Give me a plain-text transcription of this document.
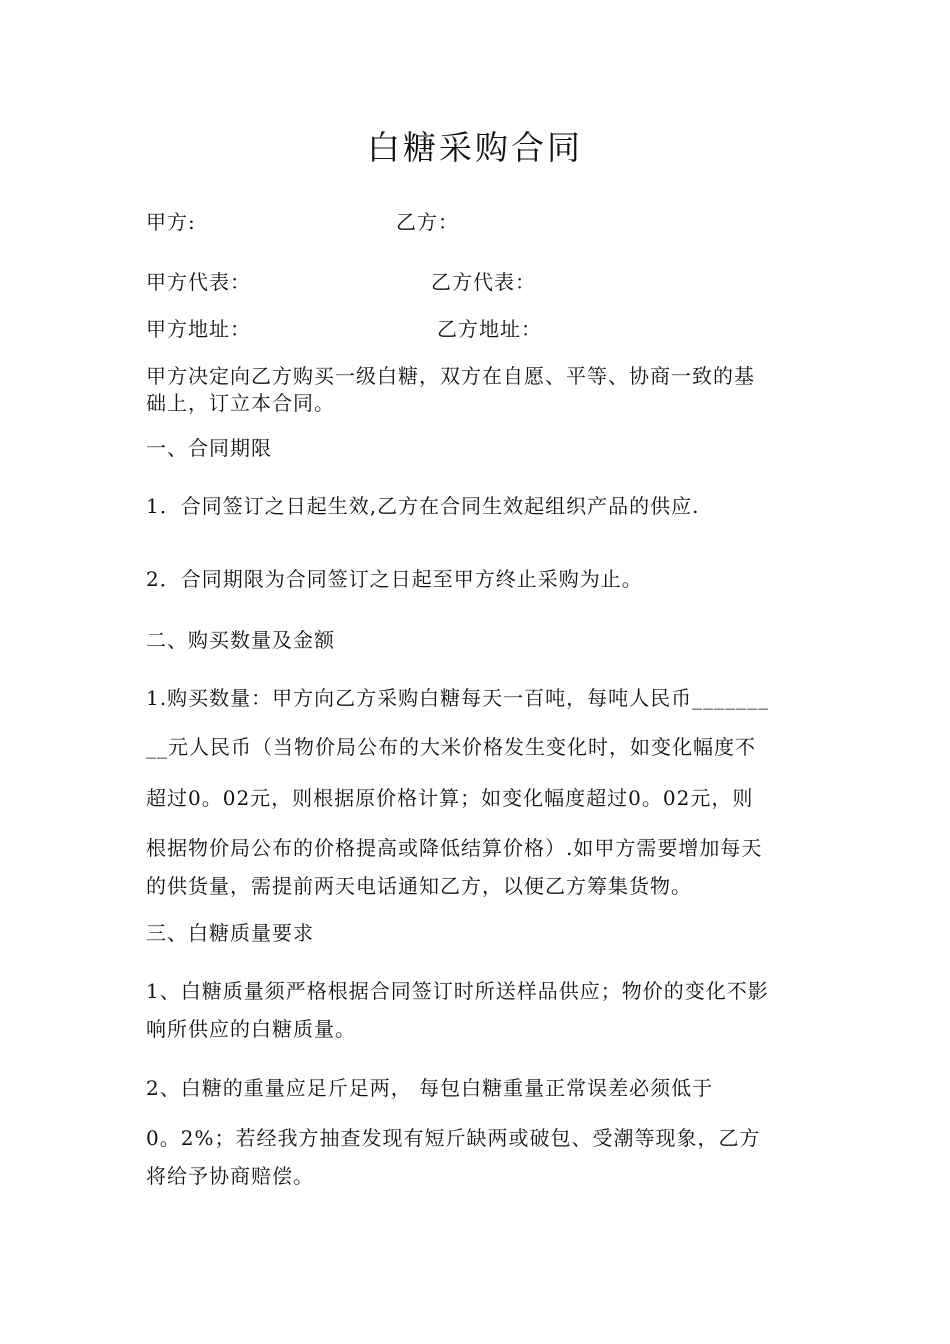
白糖采购合同
甲方:	乙方：
甲方代表：	乙方代表：
甲方地址：	乙方地址：
甲方决定向乙方购买一级白糖，双方在自愿、平等、协商一致的基
础上，订立本合同。
一、合同期限
1．合同签订之日起生效,乙方在合同生效起组织产品的供应.
2．合同期限为合同签订之日起至甲方终止采购为止。
二、购买数量及金额
1.购买数量：甲方向乙方采购白糖每天一百吨，每吨人民币_______
__元人民币（当物价局公布的大米价格发生变化时，如变化幅度不
超过0。02元，则根据原价格计算；如变化幅度超过0。02元，则
根据物价局公布的价格提高或降低结算价格）.如甲方需要增加每天
的供货量，需提前两天电话通知乙方，以便乙方筹集货物。
三、白糖质量要求
1、白糖质量须严格根据合同签订时所送样品供应；物价的变化不影
响所供应的白糖质量。
2、白糖的重量应足斤足两， 每包白糖重量正常误差必须低于
0。2%；若经我方抽查发现有短斤缺两或破包、受潮等现象，乙方
将给予协商赔偿。
